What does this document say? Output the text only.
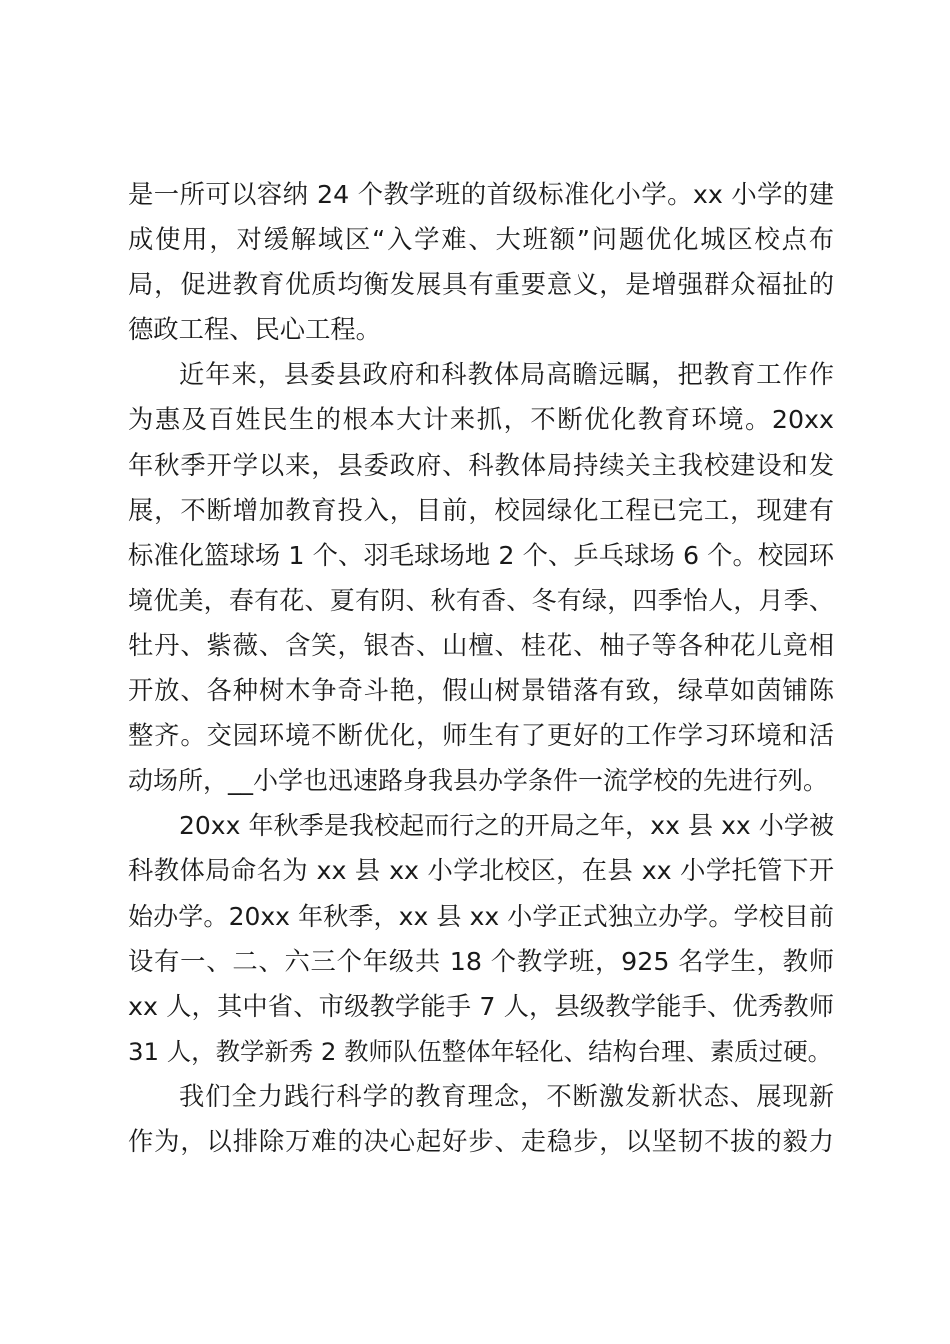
是一所可以容纳 24 个教学班的首级标准化小学。xx 小学的建
成使用，对缓解域区“入学难、大班额”问题优化城区校点布
局，促进教育优质均衡发展具有重要意义，是增强群众福扯的
德政工程、民心工程。
近年来，县委县政府和科教体局高瞻远瞩，把教育工作作
为惠及百姓民生的根本大计来抓，不断优化教育环境。20xx
年秋季开学以来，县委政府、科教体局持续关主我校建设和发
展，不断增加教育投入，目前，校园绿化工程已完工，现建有
标准化篮球场 1 个、羽毛球场地 2 个、乒乓球场 6 个。校园环
境优美，春有花、夏有阴、秋有香、冬有绿，四季怡人，月季、
牡丹、紫薇、含笑，银杏、山檀、桂花、柚子等各种花儿竟相
开放、各种树木争奇斗艳，假山树景错落有致，绿草如茵铺陈
整齐。交园环境不断优化，师生有了更好的工作学习环境和活
动场所，__小学也迅速路身我县办学条件一流学校的先进行列。
20xx 年秋季是我校起而行之的开局之年，xx 县 xx 小学被
科教体局命名为 xx 县 xx 小学北校区，在县 xx 小学托管下开
始办学。20xx 年秋季，xx 县 xx 小学正式独立办学。学校目前
设有一、二、六三个年级共 18 个教学班，925 名学生，教师
xx 人，其中省、市级教学能手 7 人，县级教学能手、优秀教师
31 人，教学新秀 2 教师队伍整体年轻化、结构台理、素质过硬。
我们全力践行科学的教育理念，不断激发新状态、展现新
作为，以排除万难的决心起好步、走稳步，以坚韧不拔的毅力
